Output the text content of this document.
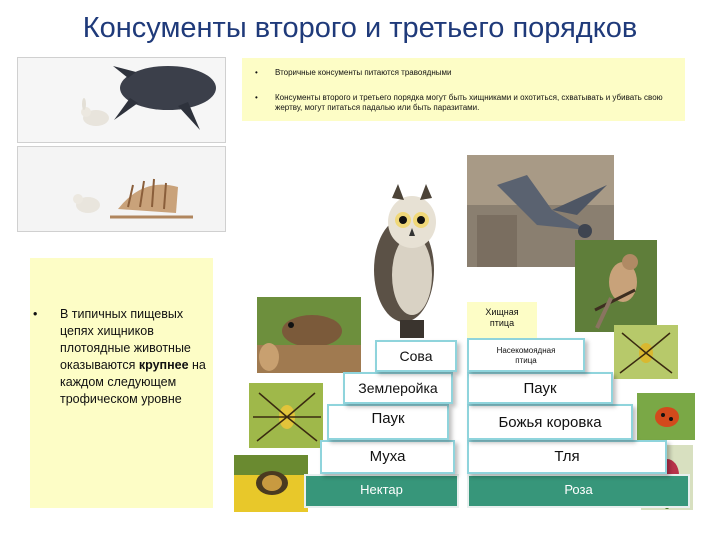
Консументы второго и третьего порядков
• Вторичные консументы питаются травоядными
• Консументы второго и третьего порядка могут быть хищниками и охотиться, схватывать и убивать свою жертву, могут питаться падалью или быть паразитами.
• В типичных пищевых цепях хищников плотоядные животные оказываются крупнее на каждом следующем трофическом уровне
Нектар
Муха
Паук
Землеройка
Сова
Роза
Тля
Божья коровка
Паук
Насекомоядная птица
Хищная птица
